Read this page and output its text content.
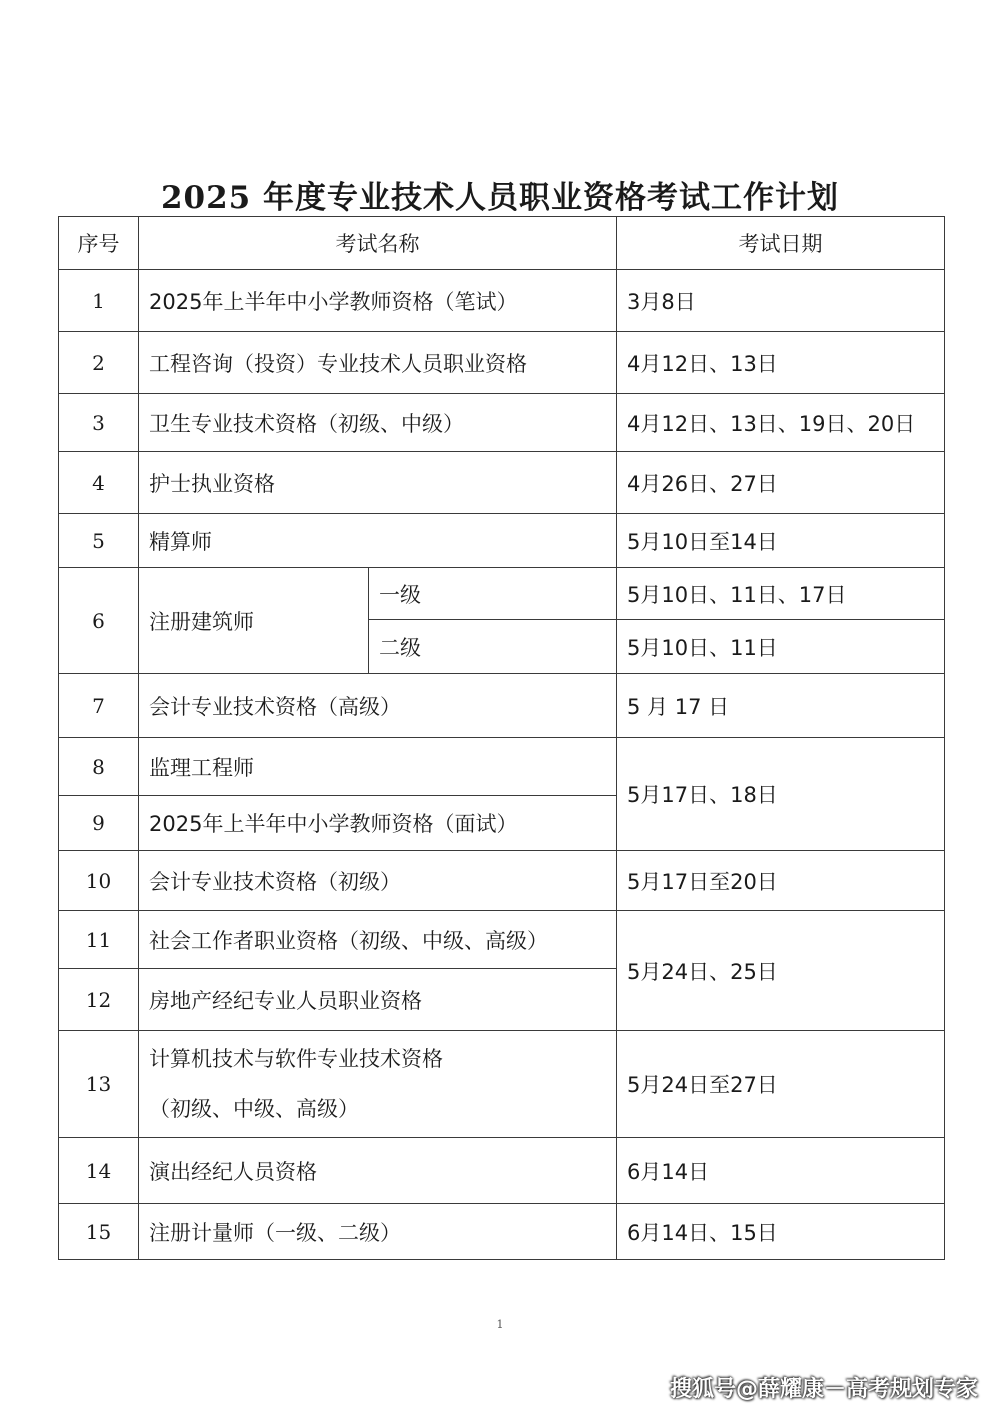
2025 年度专业技术人员职业资格考试工作计划
序号	考试名称		考试日期
1	2025年上半年中小学教师资格（笔试）		3月8日
2	工程咨询（投资）专业技术人员职业资格		4月12日、13日
3	卫生专业技术资格（初级、中级）		4月12日、13日、19日、20日
4	护士执业资格		4月26日、27日
5	精算师		5月10日至14日
6	注册建筑师	一级	5月10日、11日、17日
		二级	5月10日、11日
7	会计专业技术资格（高级）		5 月 17 日
8	监理工程师		5月17日、18日
9	2025年上半年中小学教师资格（面试）		
10	会计专业技术资格（初级）		5月17日至20日
11	社会工作者职业资格（初级、中级、高级）		5月24日、25日
12	房地产经纪专业人员职业资格		
13	计算机技术与软件专业技术资格
（初级、中级、高级）		5月24日至27日
14	演出经纪人员资格		6月14日
15	注册计量师（一级、二级）		6月14日、15日
1
搜狐号@薛耀康－高考规划专家
